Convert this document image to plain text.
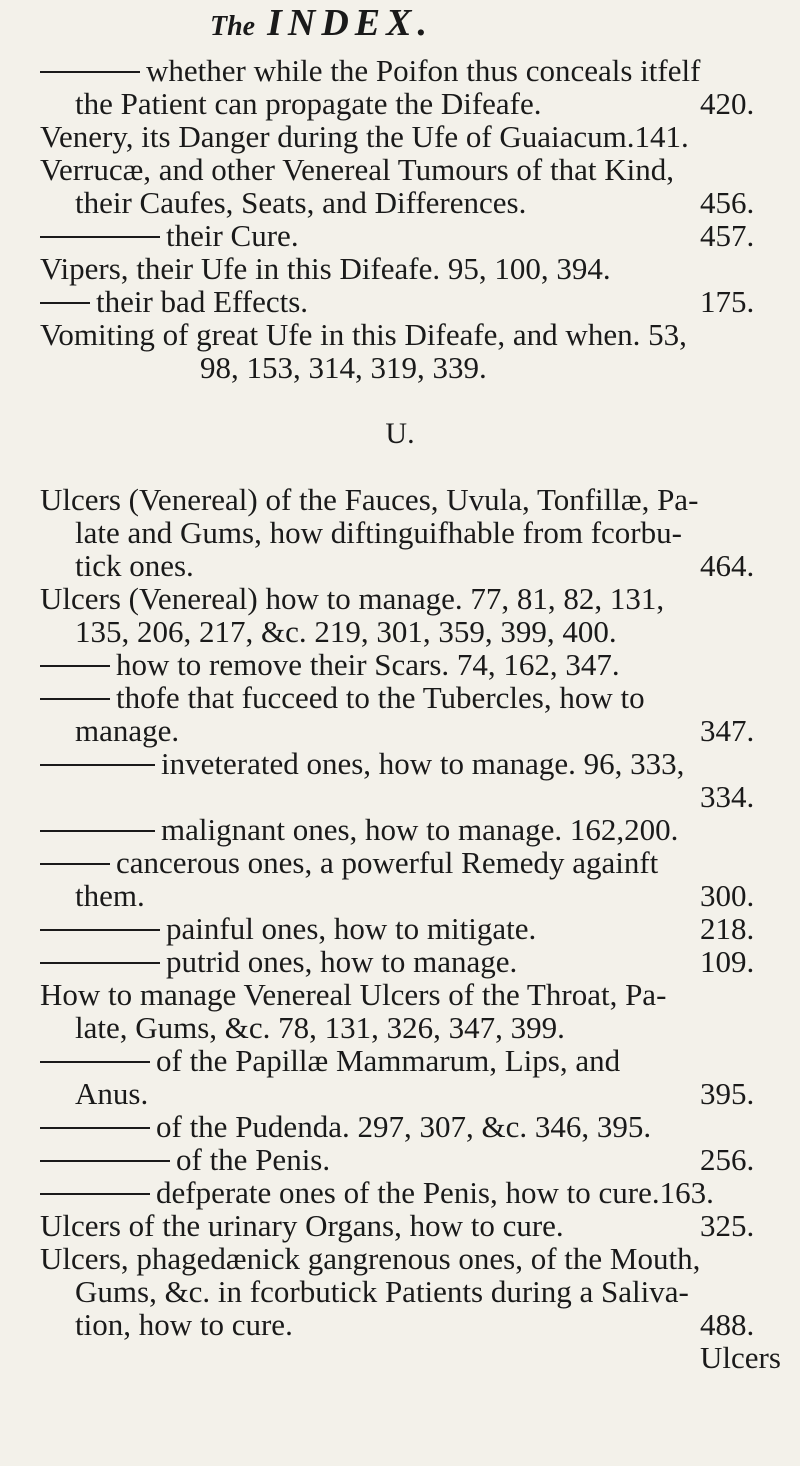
The INDEX.
whether while the Poifon thus conceals itfelf
the Patient can propagate the Difeafe.	420.
Venery, its Danger during the Ufe of Guaiacum.141.
Verrucæ, and other Venereal Tumours of that Kind,
their Caufes, Seats, and Differences.	456.
their Cure.	457.
Vipers, their Ufe in this Difeafe. 95, 100, 394.
their bad Effects.	175.
Vomiting of great Ufe in this Difeafe, and when. 53,
98, 153, 314, 319, 339.
U.
Ulcers (Venereal) of the Fauces, Uvula, Tonfillæ, Pa-
late and Gums, how diftinguifhable from fcorbu-
tick ones.	464.
Ulcers (Venereal) how to manage. 77, 81, 82, 131,
135, 206, 217, &c. 219, 301, 359, 399, 400.
how to remove their Scars. 74, 162, 347.
thofe that fucceed to the Tubercles, how to
manage.	347.
inveterated ones, how to manage. 96, 333,
334.
malignant ones, how to manage. 162,200.
cancerous ones, a powerful Remedy againft
them.	300.
painful ones, how to mitigate.	218.
putrid ones, how to manage.	109.
How to manage Venereal Ulcers of the Throat, Pa-
late, Gums, &c. 78, 131, 326, 347, 399.
of the Papillæ Mammarum, Lips, and
Anus.	395.
of the Pudenda. 297, 307, &c. 346, 395.
of the Penis.	256.
defperate ones of the Penis, how to cure.163.
Ulcers of the urinary Organs, how to cure.	325.
Ulcers, phagedænick gangrenous ones, of the Mouth,
Gums, &c. in fcorbutick Patients during a Saliva-
tion, how to cure.	488.
Ulcers
